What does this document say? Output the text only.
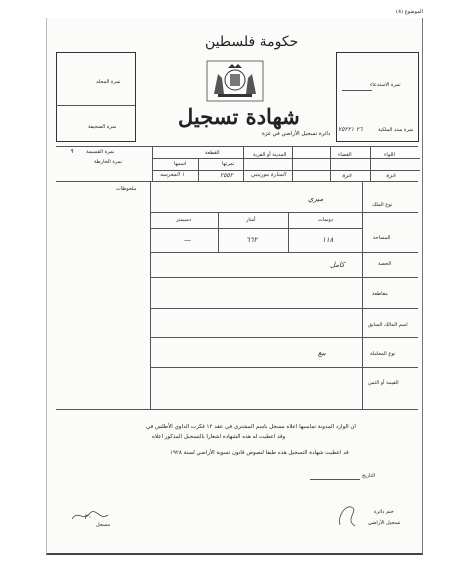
الموضوع (4)
حكومة فلسطين
شهادة تسجيل
نمرة المجلد
نمرة الصحيفة
نمرة الاستدعاء
نمرة سند الملكية
٢٦ ٧٥٢٢١
دائرة تسجيل الأراضي في غزة
اللواء
غزة
القضاء
غزة
المدينة أو القرية
المنارة مورنيتي
القطعة
نمرتها
٢٥٥٢
اسمها
١ المعرسه
نمرة القسيمة
٩
نمرة الخارطة
ملحوظات
نوع الملك
ميري
المساحة
دونمات
أمتار
دسيمتر
١١٨
٦٦٢
—
الحصة
كامل
مقاطعة
اسم المالك السابق
نوع المعاملة
بيع
القيمة أو الثمن
ان الوارد المدونة تماسيها اعلاه مسجل باسم المشتري في عقد ١٢ فكرت الداوي الأطلس في
وقد اعطيت له هذه الشهادة اشعارا بالتسجيل المذكور اعلاه
قد اعطيت شهادة التسجيل هذه طبقا لنصوص قانون تسوية الأراضي لسنة ١٩٢٨
التاريخ
ختم دائرة
تسجيل الأراضي
مسجل
٣٠
